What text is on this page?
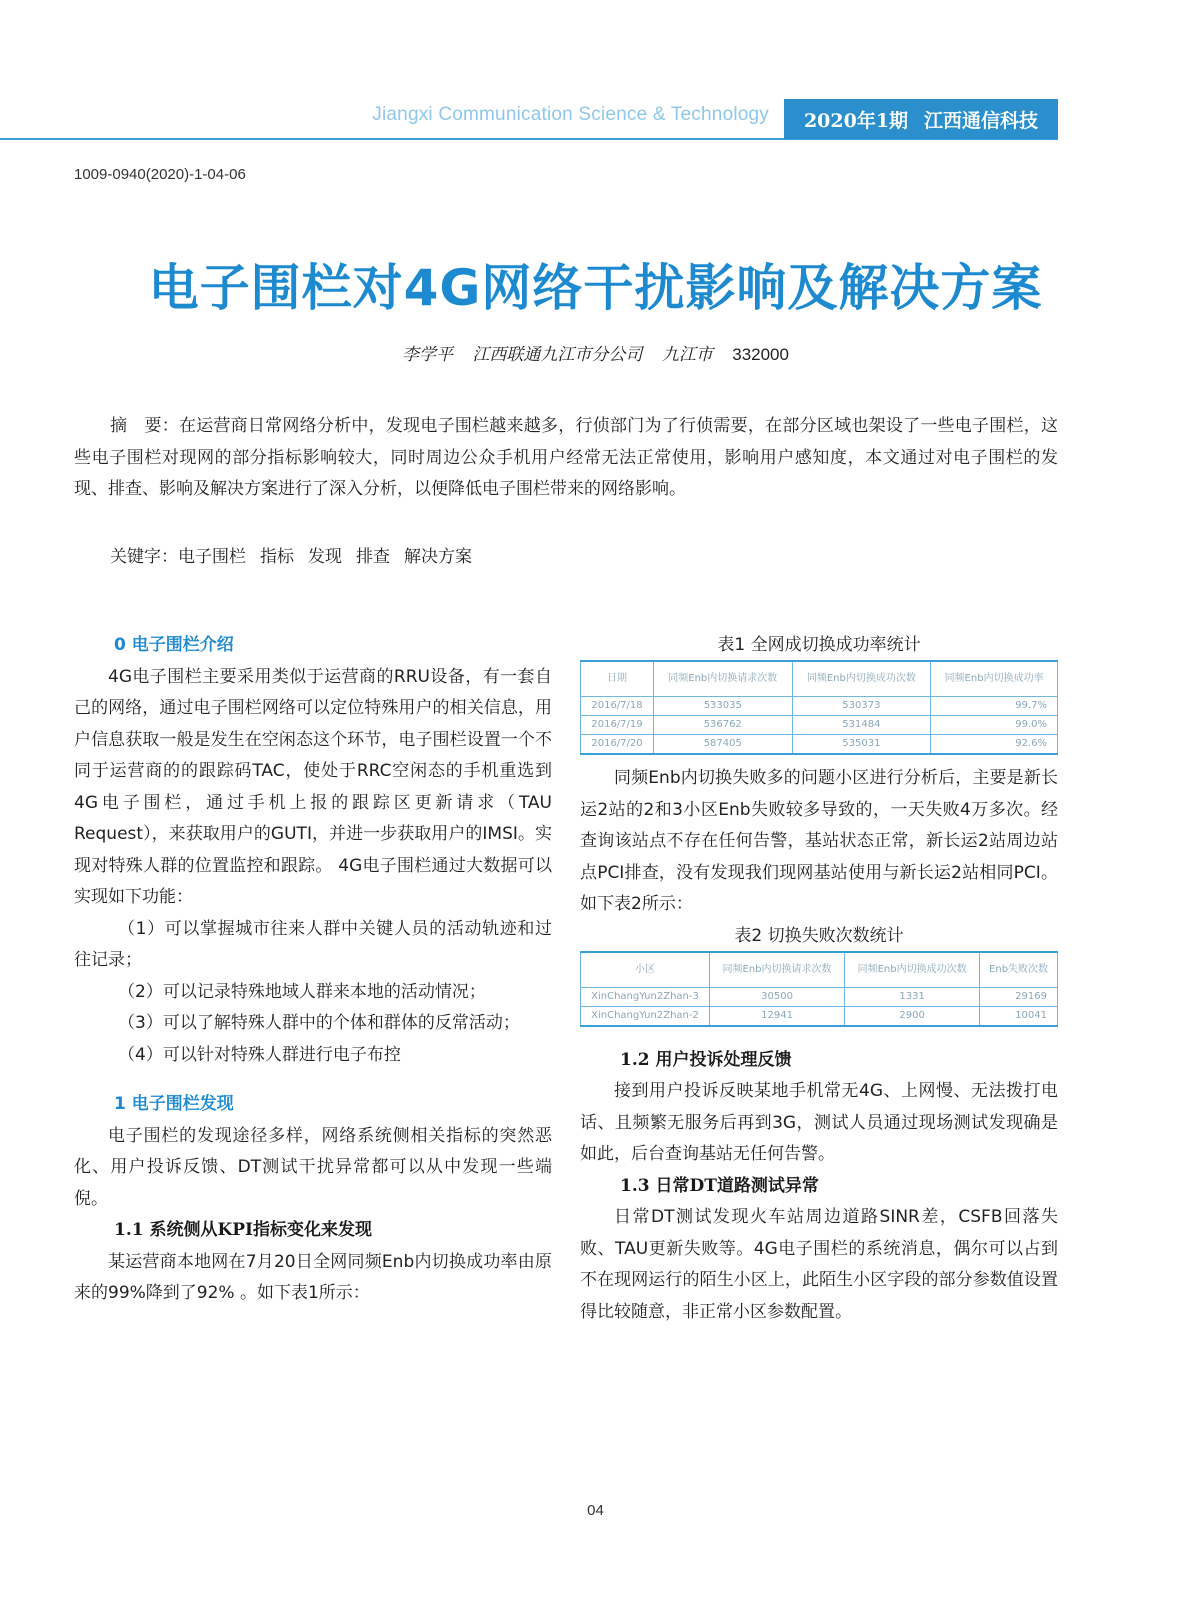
Jiangxi Communication Science & Technology 2020年1期 江西通信科技
1009-0940(2020)-1-04-06
电子围栏对4G网络干扰影响及解决方案
李学平 江西联通九江市分公司 九江市 332000

摘　要：在运营商日常网络分析中，发现电子围栏越来越多，行侦部门为了行侦需要，在部分区域也架设了一些电子围栏，这些电子围栏对现网的部分指标影响较大，同时周边公众手机用户经常无法正常使用，影响用户感知度，本文通过对电子围栏的发现、排查、影响及解决方案进行了深入分析，以便降低电子围栏带来的网络影响。

关键字：电子围栏 指标 发现 排查 解决方案
0 电子围栏介绍

4G电子围栏主要采用类似于运营商的RRU设备，有一套自己的网络，通过电子围栏网络可以定位特殊用户的相关信息，用户信息获取一般是发生在空闲态这个环节，电子围栏设置一个不同于运营商的的跟踪码TAC，使处于RRC空闲态的手机重选到4G电子围栏，通过手机上报的跟踪区更新请求（TAU Request），来获取用户的GUTI，并进一步获取用户的IMSI。实现对特殊人群的位置监控和跟踪。 4G电子围栏通过大数据可以实现如下功能：

（1）可以掌握城市往来人群中关键人员的活动轨迹和过往记录；

（2）可以记录特殊地域人群来本地的活动情况；

（3）可以了解特殊人群中的个体和群体的反常活动；

（4）可以针对特殊人群进行电子布控

1 电子围栏发现

电子围栏的发现途径多样，网络系统侧相关指标的突然恶化、用户投诉反馈、DT测试干扰异常都可以从中发现一些端倪。

1.1 系统侧从KPI指标变化来发现

某运营商本地网在7月20日全网同频Enb内切换成功率由原来的99%降到了92% 。如下表1所示：

表1 全网成切换成功率统计
日期	同频Enb内切换请求次数	同频Enb内切换成功次数	同频Enb内切换成功率
2016/7/18	533035	530373	99.7%
2016/7/19	536762	531484	99.0%
2016/7/20	587405	535031	92.6%

同频Enb内切换失败多的问题小区进行分析后，主要是新长运2站的2和3小区Enb失败较多导致的，一天失败4万多次。经查询该站点不存在任何告警，基站状态正常，新长运2站周边站点PCI排查，没有发现我们现网基站使用与新长运2站相同PCI。 如下表2所示：

表2 切换失败次数统计
小区	同频Enb内切换请求次数	同频Enb内切换成功次数	Enb失败次数
XinChangYun2Zhan-3	30500	1331	29169
XinChangYun2Zhan-2	12941	2900	10041
1.2 用户投诉处理反馈

接到用户投诉反映某地手机常无4G、上网慢、无法拨打电话、且频繁无服务后再到3G，测试人员通过现场测试发现确是如此，后台查询基站无任何告警。

1.3 日常DT道路测试异常

日常DT测试发现火车站周边道路SINR差，CSFB回落失败、TAU更新失败等。4G电子围栏的系统消息，偶尔可以占到不在现网运行的陌生小区上，此陌生小区字段的部分参数值设置得比较随意，非正常小区参数配置。

04
